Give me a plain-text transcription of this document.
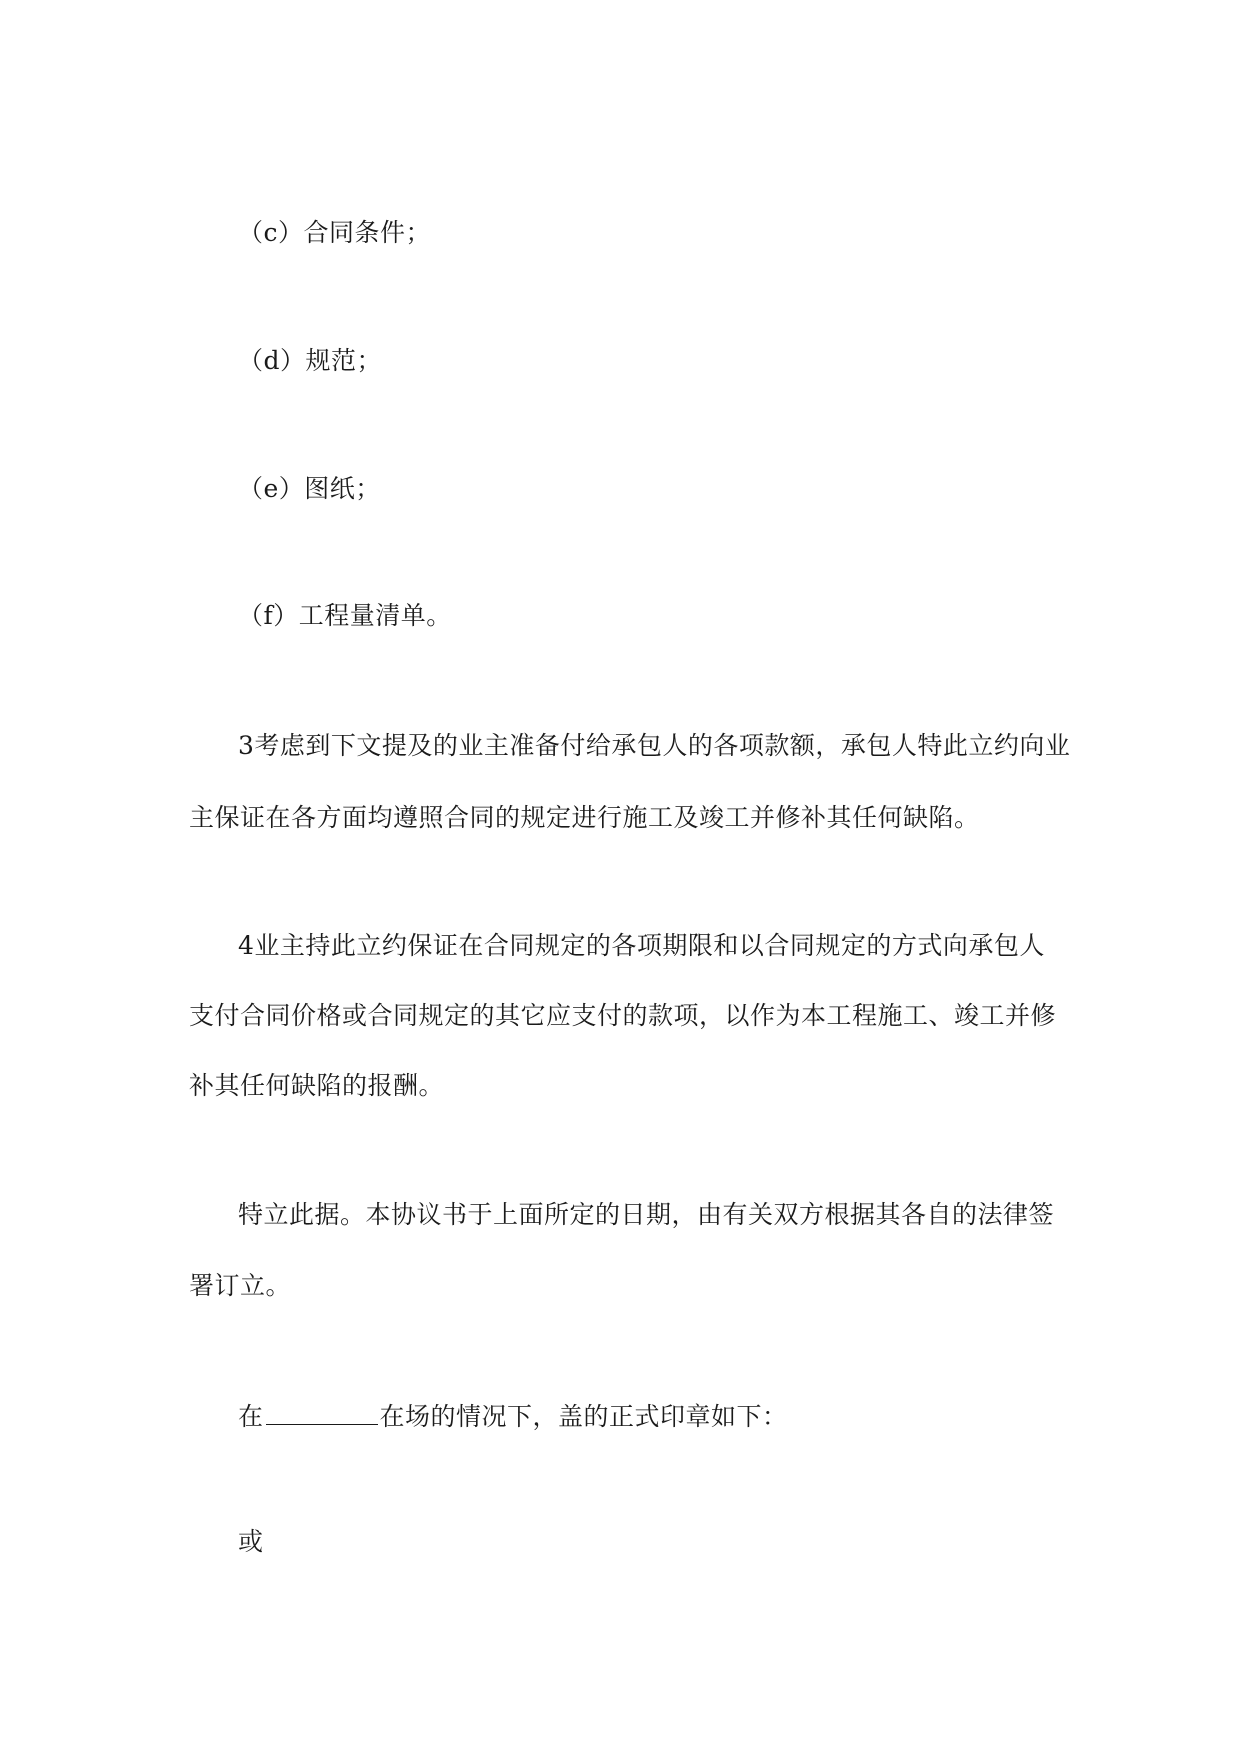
（c）合同条件；
（d）规范；
（e）图纸；
（f）工程量清单。
3考虑到下文提及的业主准备付给承包人的各项款额，承包人特此立约向业
主保证在各方面均遵照合同的规定进行施工及竣工并修补其任何缺陷。
4业主持此立约保证在合同规定的各项期限和以合同规定的方式向承包人
支付合同价格或合同规定的其它应支付的款项，以作为本工程施工、竣工并修
补其任何缺陷的报酬。
特立此据。本协议书于上面所定的日期，由有关双方根据其各自的法律签
署订立。
在	在场的情况下，盖的正式印章如下：
或
